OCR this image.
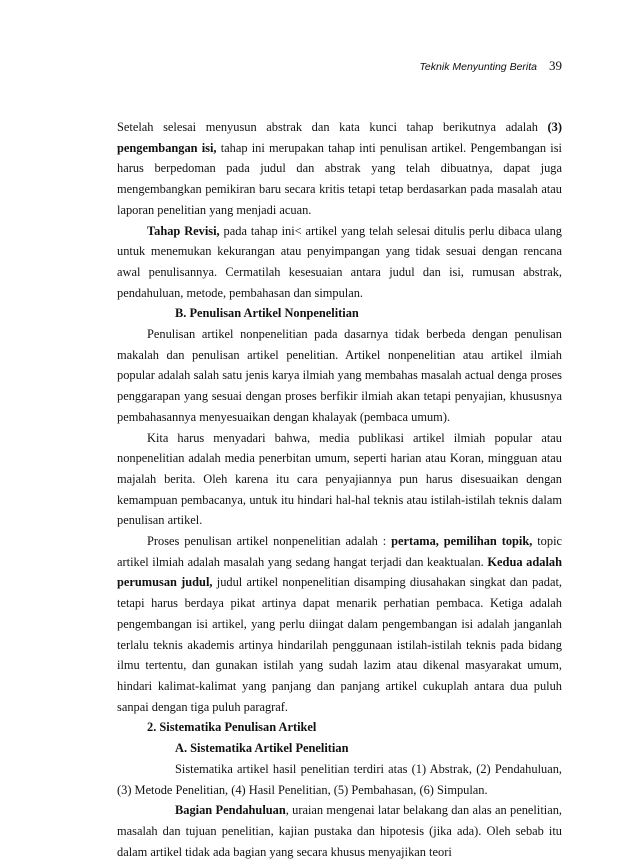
Teknik Menyunting Berita 39

Setelah selesai menyusun abstrak dan kata kunci tahap berikutnya adalah (3) pengembangan isi, tahap ini merupakan tahap inti penulisan artikel. Pengembangan isi harus berpedoman pada judul dan abstrak yang telah dibuatnya, dapat juga mengembangkan pemikiran baru secara kritis tetapi tetap berdasarkan pada masalah atau laporan penelitian yang menjadi acuan.

Tahap Revisi, pada tahap ini< artikel yang telah selesai ditulis perlu dibaca ulang untuk menemukan kekurangan atau penyimpangan yang tidak sesuai dengan rencana awal penulisannya. Cermatilah kesesuaian antara judul dan isi, rumusan abstrak, pendahuluan, metode, pembahasan dan simpulan.

B. Penulisan Artikel Nonpenelitian

Penulisan artikel nonpenelitian pada dasarnya tidak berbeda dengan penulisan makalah dan penulisan artikel penelitian. Artikel nonpenelitian atau artikel ilmiah popular adalah salah satu jenis karya ilmiah yang membahas masalah actual denga proses penggarapan yang sesuai dengan proses berfikir ilmiah akan tetapi penyajian, khususnya pembahasannya menyesuaikan dengan khalayak (pembaca umum).

Kita harus menyadari bahwa, media publikasi artikel ilmiah popular atau nonpenelitian adalah media penerbitan umum, seperti harian atau Koran, mingguan atau majalah berita. Oleh karena itu cara penyajiannya pun harus disesuaikan dengan kemampuan pembacanya, untuk itu hindari hal-hal teknis atau istilah-istilah teknis dalam penulisan artikel.

Proses penulisan artikel nonpenelitian adalah : pertama, pemilihan topik, topic artikel ilmiah adalah masalah yang sedang hangat terjadi dan keaktualan. Kedua adalah perumusan judul, judul artikel nonpenelitian disamping diusahakan singkat dan padat, tetapi harus berdaya pikat artinya dapat menarik perhatian pembaca. Ketiga adalah pengembangan isi artikel, yang perlu diingat dalam pengembangan isi adalah janganlah terlalu teknis akademis artinya hindarilah penggunaan istilah-istilah teknis pada bidang ilmu tertentu, dan gunakan istilah yang sudah lazim atau dikenal masyarakat umum, hindari kalimat-kalimat yang panjang dan panjang artikel cukuplah antara dua puluh sanpai dengan tiga puluh paragraf.

2. Sistematika Penulisan Artikel
A. Sistematika Artikel Penelitian

Sistematika artikel hasil penelitian terdiri atas (1) Abstrak, (2) Pendahuluan, (3) Metode Penelitian, (4) Hasil Penelitian, (5) Pembahasan, (6) Simpulan.

Bagian Pendahuluan, uraian mengenai latar belakang dan alas an penelitian, masalah dan tujuan penelitian, kajian pustaka dan hipotesis (jika ada). Oleh sebab itu dalam artikel tidak ada bagian yang secara khusus menyajikan teori
